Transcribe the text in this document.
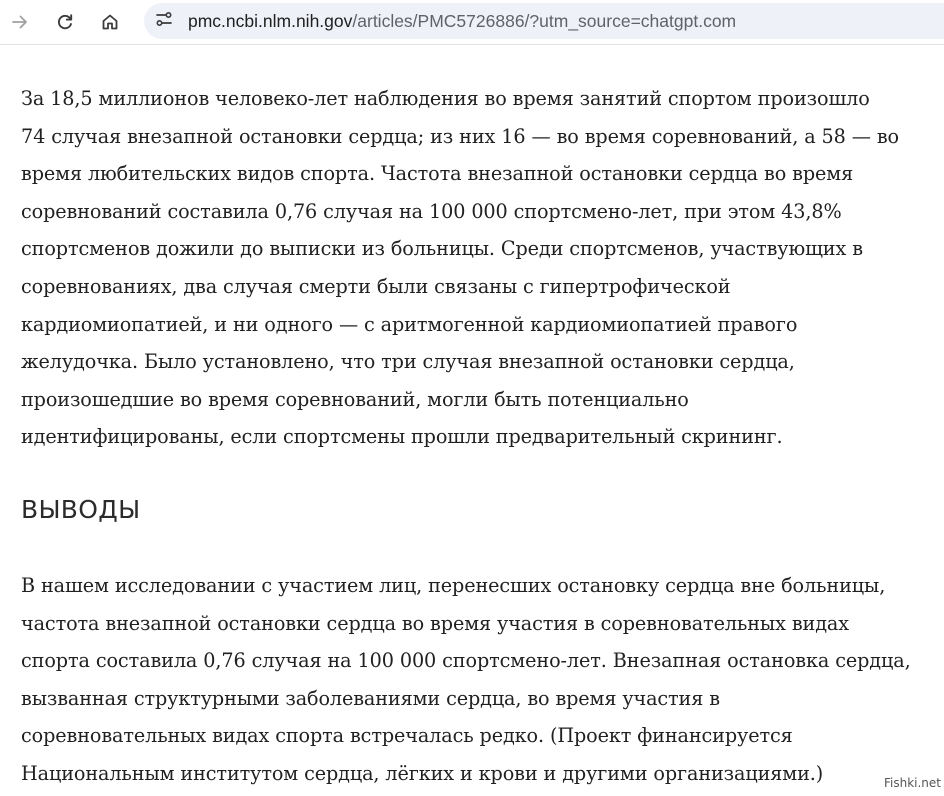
pmc.ncbi.nlm.nih.gov/articles/PMC5726886/?utm_source=chatgpt.com

За 18,5 миллионов человеко-лет наблюдения во время занятий спортом произошло
74 случая внезапной остановки сердца; из них 16 — во время соревнований, а 58 — во
время любительских видов спорта. Частота внезапной остановки сердца во время
соревнований составила 0,76 случая на 100 000 спортсмено-лет, при этом 43,8%
спортсменов дожили до выписки из больницы. Среди спортсменов, участвующих в
соревнованиях, два случая смерти были связаны с гипертрофической
кардиомиопатией, и ни одного — с аритмогенной кардиомиопатией правого
желудочка. Было установлено, что три случая внезапной остановки сердца,
произошедшие во время соревнований, могли быть потенциально
идентифицированы, если спортсмены прошли предварительный скрининг.

ВЫВОДЫ

В нашем исследовании с участием лиц, перенесших остановку сердца вне больницы,
частота внезапной остановки сердца во время участия в соревновательных видах
спорта составила 0,76 случая на 100 000 спортсмено-лет. Внезапная остановка сердца,
вызванная структурными заболеваниями сердца, во время участия в
соревновательных видах спорта встречалась редко. (Проект финансируется
Национальным институтом сердца, лёгких и крови и другими организациями.)	Fishki.net
